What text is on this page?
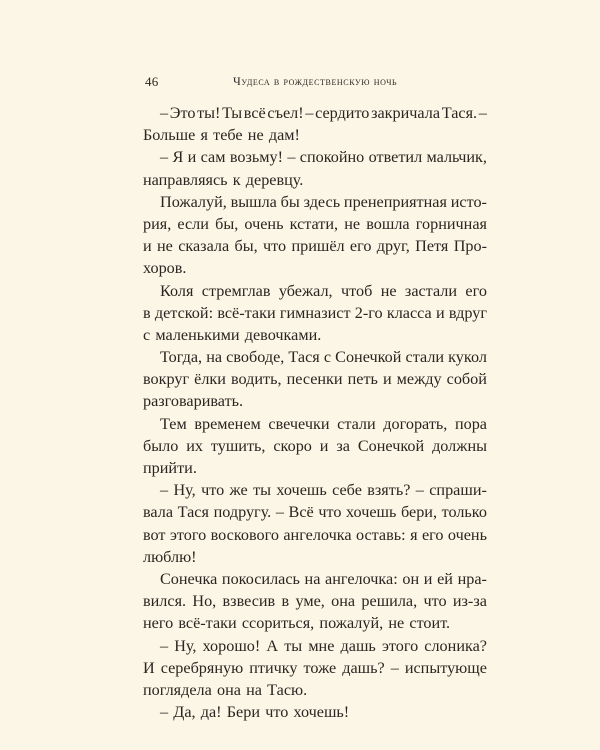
46	Чудеса в рождественскую ночь
– Это ты! Ты всё съел! – сердито закричала Тася. –
Больше я тебе не дам!
– Я и сам возьму! – спокойно ответил мальчик,
направляясь к деревцу.
Пожалуй, вышла бы здесь пренеприятная исто-
рия, если бы, очень кстати, не вошла горничная
и не сказала бы, что пришёл его друг, Петя Про-
хоров.
Коля стремглав убежал, чтоб не застали его
в детской: всё-таки гимназист 2-го класса и вдруг
с маленькими девочками.
Тогда, на свободе, Тася с Сонечкой стали кукол
вокруг ёлки водить, песенки петь и между собой
разговаривать.
Тем временем свечечки стали догорать, пора
было их тушить, скоро и за Сонечкой должны
прийти.
– Ну, что же ты хочешь себе взять? – спраши-
вала Тася подругу. – Всё что хочешь бери, только
вот этого воскового ангелочка оставь: я его очень
люблю!
Сонечка покосилась на ангелочка: он и ей нра-
вился. Но, взвесив в уме, она решила, что из-за
него всё-таки ссориться, пожалуй, не стоит.
– Ну, хорошо! А ты мне дашь этого слоника?
И серебряную птичку тоже дашь? – испытующе
поглядела она на Тасю.
– Да, да! Бери что хочешь!
